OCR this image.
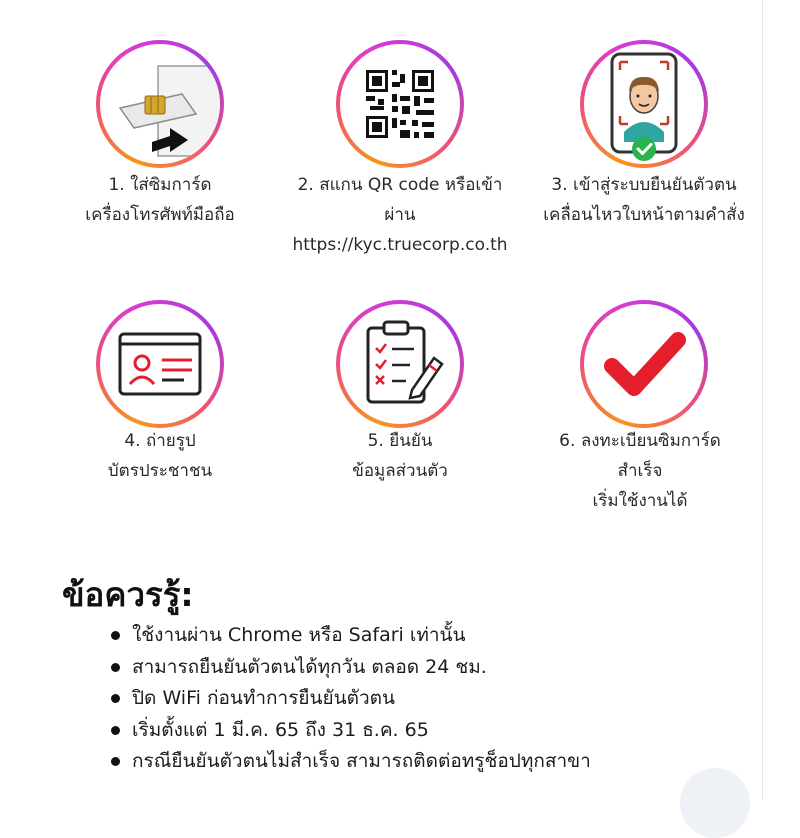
1. ใส่ซิมการ์ด
เครื่องโทรศัพท์มือถือ
2. สแกน QR code หรือเข้า
ผ่าน
https://kyc.truecorp.co.th
3. เข้าสู่ระบบยืนยันตัวตน
เคลื่อนไหวใบหน้าตามคำสั่ง
4. ถ่ายรูป
บัตรประชาชน
5. ยืนยัน
ข้อมูลส่วนตัว
6. ลงทะเบียนซิมการ์ด
สำเร็จ
เริ่มใช้งานได้
ข้อควรรู้:
ใช้งานผ่าน Chrome หรือ Safari เท่านั้น
สามารถยืนยันตัวตนได้ทุกวัน ตลอด 24 ชม.
ปิด WiFi ก่อนทำการยืนยันตัวตน
เริ่มตั้งแต่ 1 มี.ค. 65 ถึง 31 ธ.ค. 65
กรณียืนยันตัวตนไม่สำเร็จ สามารถติดต่อทรูช็อปทุกสาขา
